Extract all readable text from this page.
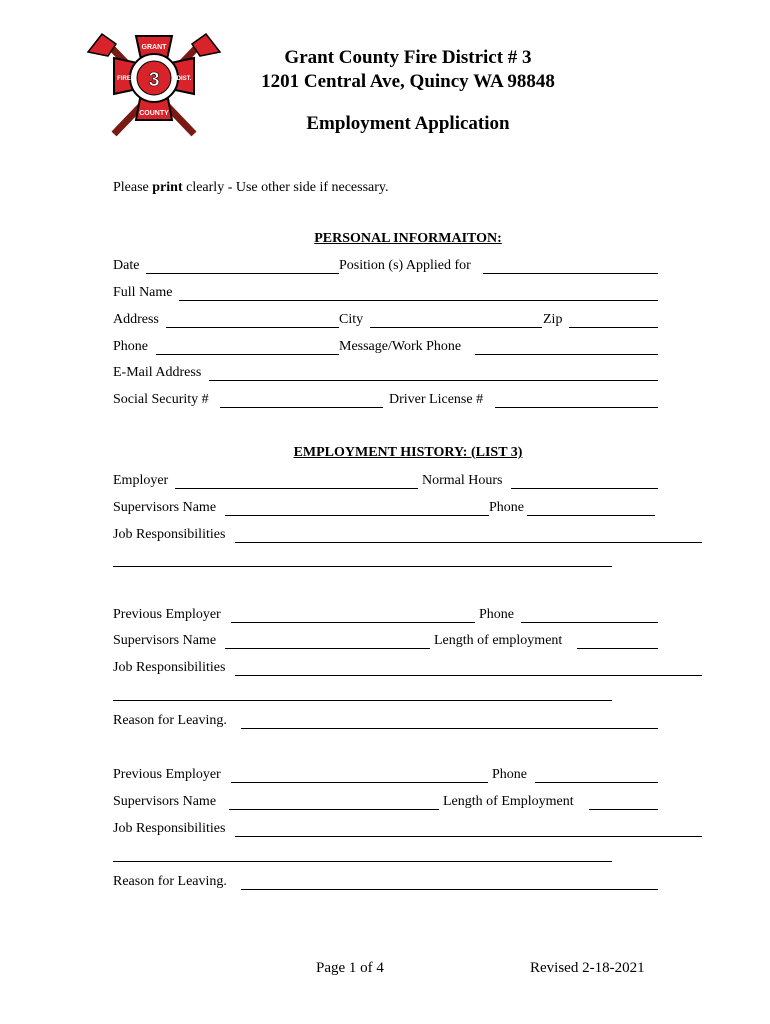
GRANT
COUNTY
FIRE	DIST.
3
Grant County Fire District # 3
1201 Central Ave, Quincy WA 98848
Employment Application
Please print clearly - Use other side if necessary.
PERSONAL INFORMAITON:
Date	Position (s) Applied for
Full Name
Address	City	Zip
Phone	Message/Work Phone
E-Mail Address
Social Security #	Driver License #
EMPLOYMENT HISTORY: (LIST 3)
Employer	Normal Hours
Supervisors Name	Phone
Job Responsibilities
Previous Employer	Phone
Supervisors Name	Length of employment
Job Responsibilities
Reason for Leaving.
Previous Employer	Phone
Supervisors Name	Length of Employment
Job Responsibilities
Reason for Leaving.
Page 1 of 4	Revised 2-18-2021
